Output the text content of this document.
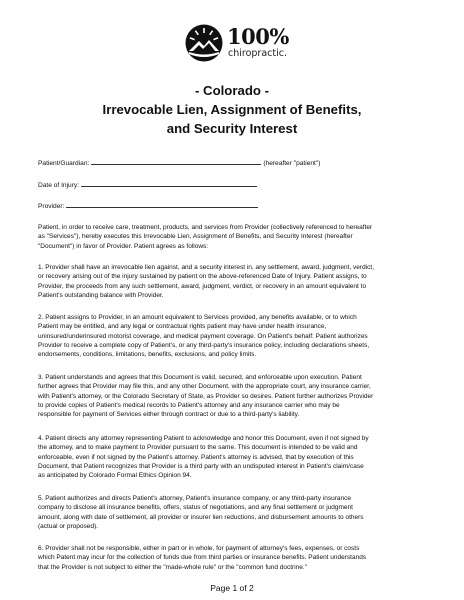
100%
chiropractic.
- Colorado -
Irrevocable Lien, Assignment of Benefits,
and Security Interest
Patient/Guardian:	(hereafter "patient")
Date of Injury:
Provider:
Patient, in order to receive care, treatment, products, and services from Provider (collectively referenced to hereafter
as "Services"), hereby executes this Irrevocable Lien, Assignment of Benefits, and Security Interest (hereafter
"Document") in favor of Provider. Patient agrees as follows:
1. Provider shall have an irrevocable lien against, and a security interest in, any settlement, award, judgment, verdict,
or recovery arising out of the injury sustained by patient on the above-referenced Date of Injury. Patient assigns, to
Provider, the proceeds from any such settlement, award, judgment, verdict, or recovery in an amount equivalent to
Patient's outstanding balance with Provider.
2. Patient assigns to Provider, in an amount equivalent to Services provided, any benefits available, or to which
Patient may be entitled, and any legal or contractual rights patient may have under health insurance,
uninsured/underinsured motorist coverage, and medical payment coverage. On Patient's behalf: Patient authorizes
Provider to receive a complete copy of Patient's, or any third-party's insurance policy, including declarations sheets,
endorsements, conditions, limitations, benefits, exclusions, and policy limits.
3. Patient understands and agrees that this Document is valid, secured, and enforceable upon execution. Patient
further agrees that Provider may file this, and any other Document, with the appropriate court, any insurance carrier,
with Patient's attorney, or the Colorado Secretary of State, as Provider so desires. Patient further authorizes Provider
to provide copies of Patient's medical records to Patient's attorney and any insurance carrier who may be
responsible for payment of Services either through contract or due to a third-party's liability.
4. Patient directs any attorney representing Patient to acknowledge and honor this Document, even if not signed by
the attorney, and to make payment to Provider pursuant to the same. This document is intended to be valid and
enforceable, even if not signed by the Patient's attorney. Patient's attorney is advised, that by execution of this
Document, that Patient recognizes that Provider is a third party with an undisputed interest in Patient's claim/case
as anticipated by Colorado Formal Ethics Opinion 94.
5. Patient authorizes and directs Patient's attorney, Patient's insurance company, or any third-party insurance
company to disclose all insurance benefits, offers, status of negotiations, and any final settlement or judgment
amount, along with date of settlement, all provider or insurer lien reductions, and disbursement amounts to others
(actual or proposed).
6. Provider shall not be responsible, either in part or in whole, for payment of attorney's fees, expenses, or costs
which Patent may incur for the collection of funds due from third parties or insurance benefits. Patient understands
that the Provider is not subject to either the "made-whole rule" or the "common fund doctrine."
Page 1 of 2
